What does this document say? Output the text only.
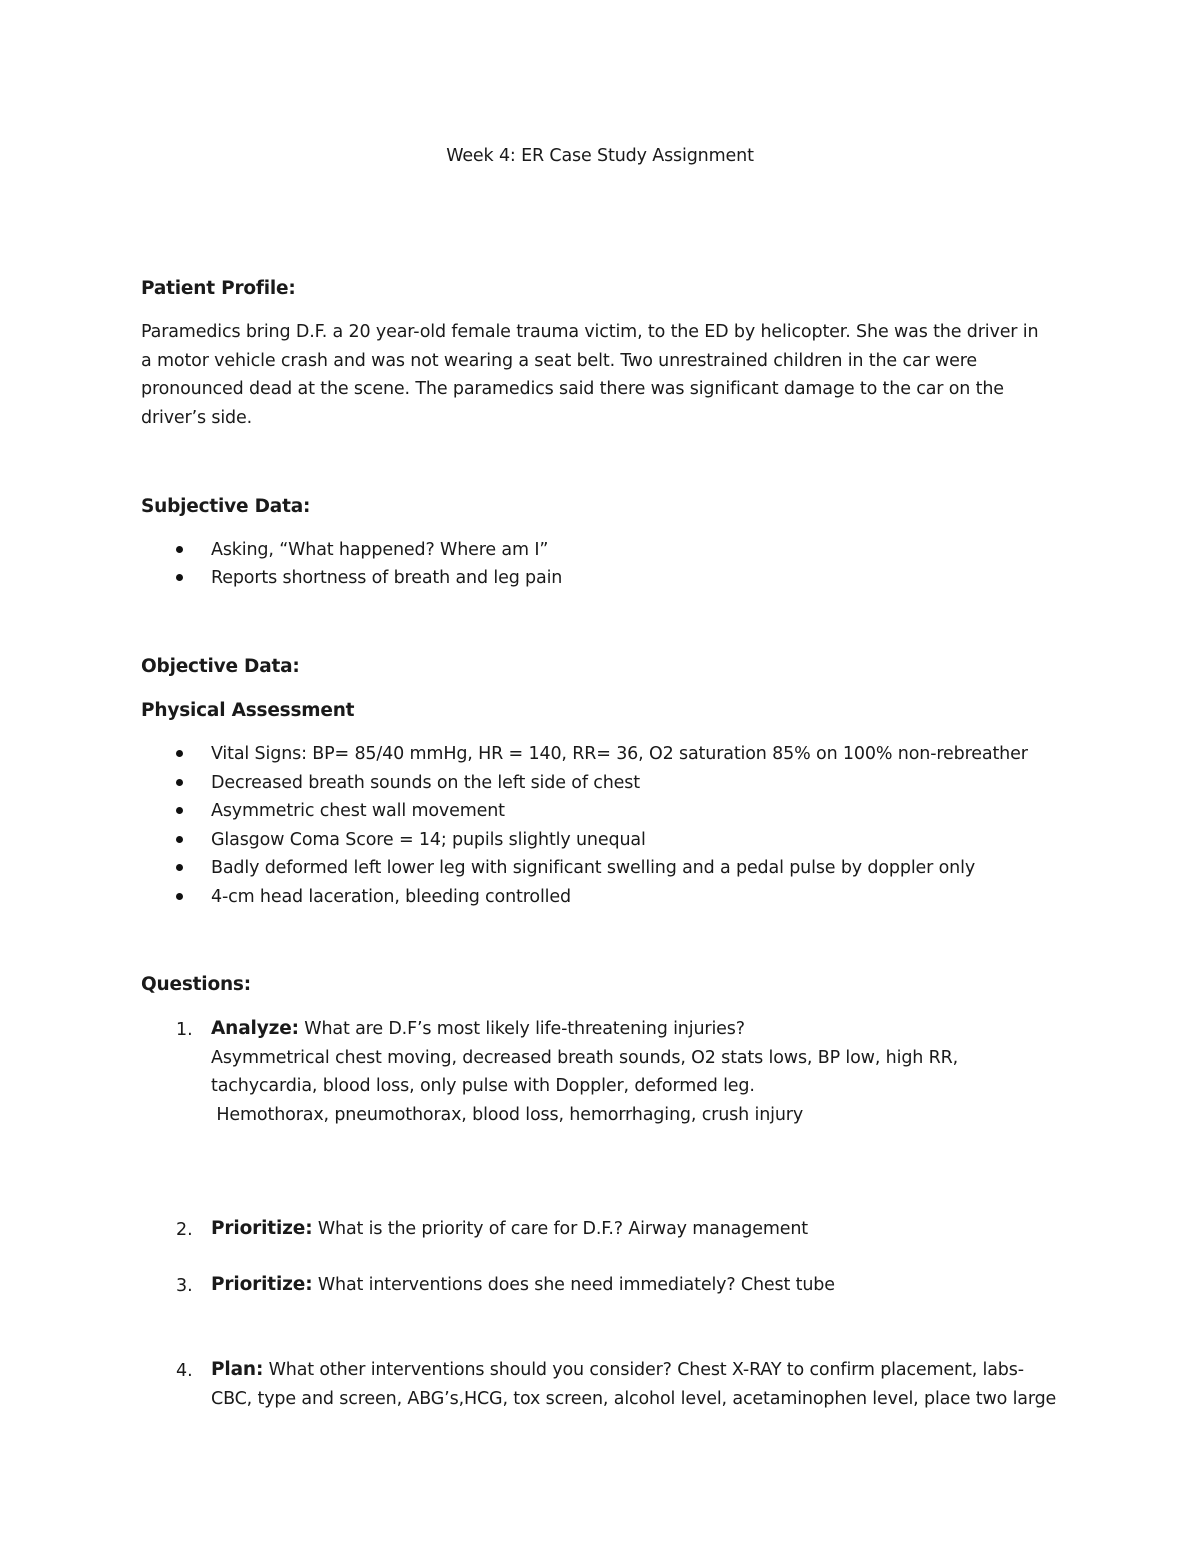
Week 4: ER Case Study Assignment
Patient Profile:
Paramedics bring D.F. a 20 year-old female trauma victim, to the ED by helicopter. She was the driver in
a motor vehicle crash and was not wearing a seat belt. Two unrestrained children in the car were
pronounced dead at the scene. The paramedics said there was significant damage to the car on the
driver’s side.
Subjective Data:
Asking, “What happened? Where am I”
Reports shortness of breath and leg pain
Objective Data:
Physical Assessment
Vital Signs: BP= 85/40 mmHg, HR = 140, RR= 36, O2 saturation 85% on 100% non-rebreather
Decreased breath sounds on the left side of chest
Asymmetric chest wall movement
Glasgow Coma Score = 14; pupils slightly unequal
Badly deformed left lower leg with significant swelling and a pedal pulse by doppler only
4-cm head laceration, bleeding controlled
Questions:
1. Analyze: What are D.F’s most likely life-threatening injuries?
Asymmetrical chest moving, decreased breath sounds, O2 stats lows, BP low, high RR,
tachycardia, blood loss, only pulse with Doppler, deformed leg.
Hemothorax, pneumothorax, blood loss, hemorrhaging, crush injury
2. Prioritize: What is the priority of care for D.F.? Airway management
3. Prioritize: What interventions does she need immediately? Chest tube
4. Plan: What other interventions should you consider? Chest X-RAY to confirm placement, labs-
CBC, type and screen, ABG’s,HCG, tox screen, alcohol level, acetaminophen level, place two large
